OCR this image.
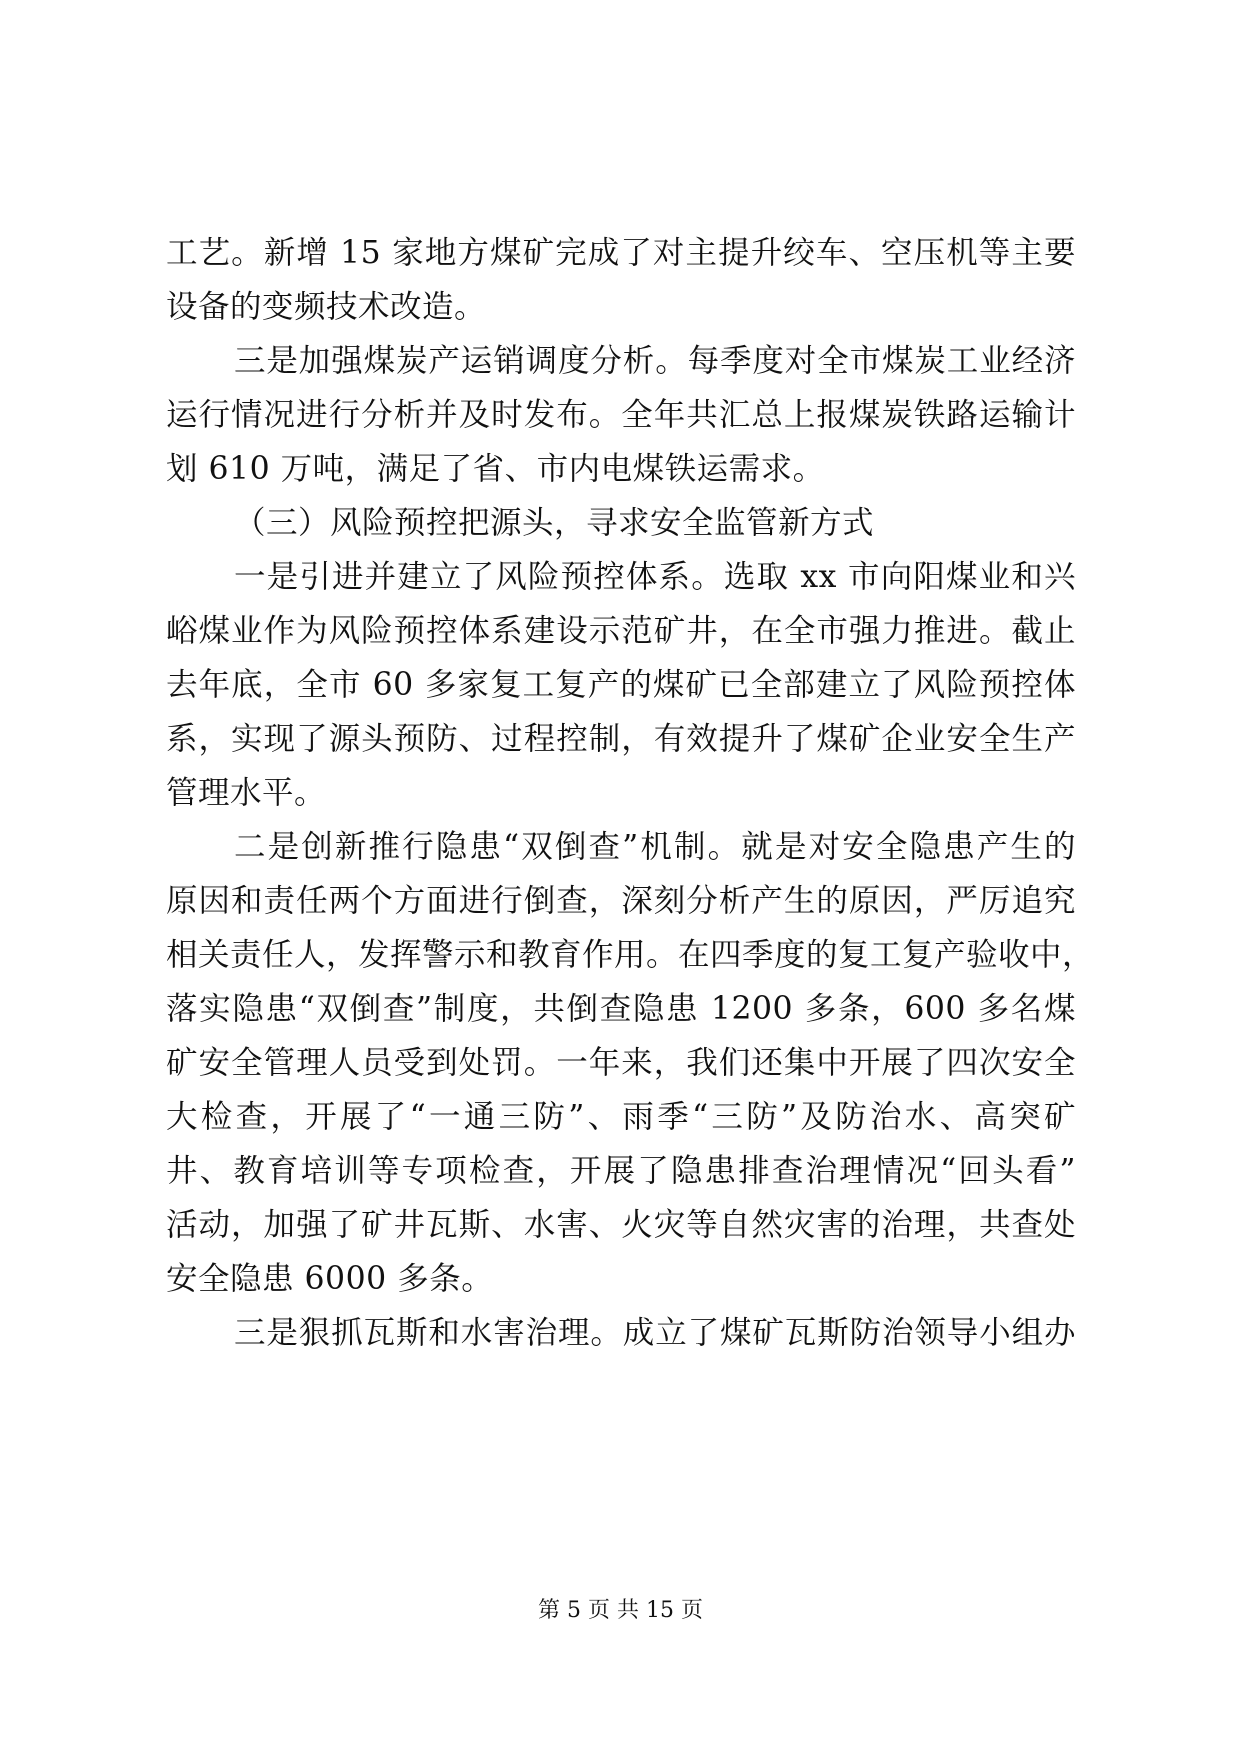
工艺。新增 15 家地方煤矿完成了对主提升绞车、空压机等主要
设备的变频技术改造。
三是加强煤炭产运销调度分析。每季度对全市煤炭工业经济
运行情况进行分析并及时发布。全年共汇总上报煤炭铁路运输计
划 610 万吨，满足了省、市内电煤铁运需求。
（三）风险预控把源头，寻求安全监管新方式
一是引进并建立了风险预控体系。选取 xx 市向阳煤业和兴
峪煤业作为风险预控体系建设示范矿井，在全市强力推进。截止
去年底，全市 60 多家复工复产的煤矿已全部建立了风险预控体
系，实现了源头预防、过程控制，有效提升了煤矿企业安全生产
管理水平。
二是创新推行隐患“双倒查”机制。就是对安全隐患产生的
原因和责任两个方面进行倒查，深刻分析产生的原因，严厉追究
相关责任人，发挥警示和教育作用。在四季度的复工复产验收中，
落实隐患“双倒查”制度，共倒查隐患 1200 多条，600 多名煤
矿安全管理人员受到处罚。一年来，我们还集中开展了四次安全
大检查，开展了“一通三防”、雨季“三防”及防治水、高突矿
井、教育培训等专项检查，开展了隐患排查治理情况“回头看”
活动，加强了矿井瓦斯、水害、火灾等自然灾害的治理，共查处
安全隐患 6000 多条。
三是狠抓瓦斯和水害治理。成立了煤矿瓦斯防治领导小组办
第 5 页 共 15 页
